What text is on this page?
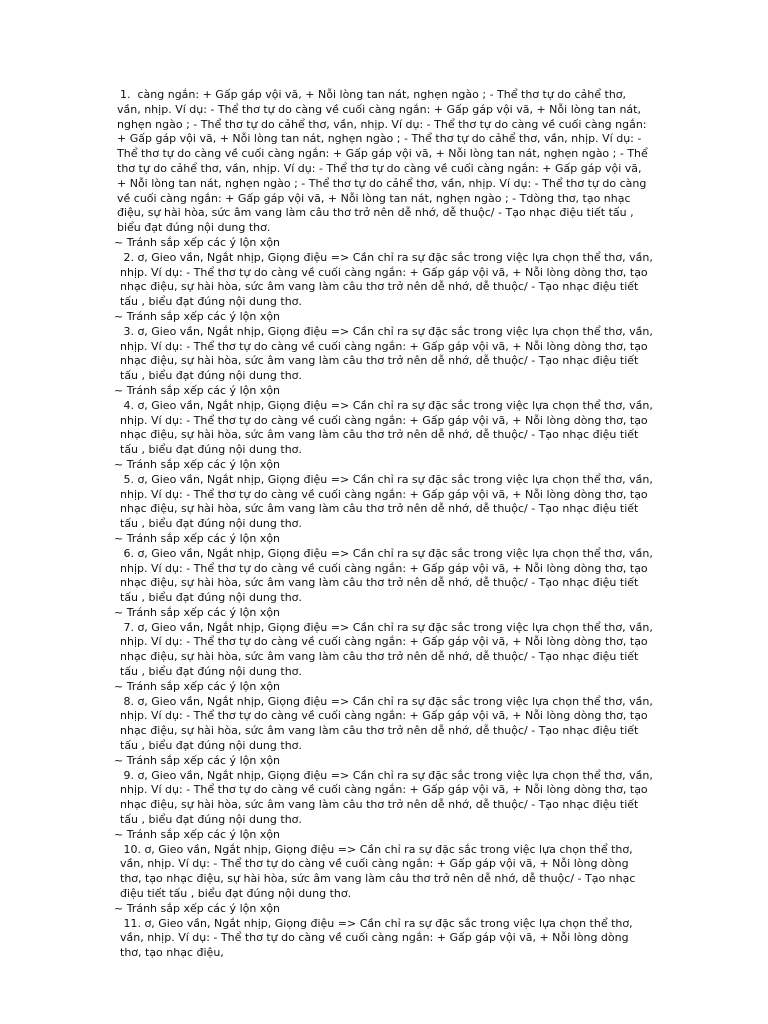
1.  càng ngắn: + Gấp gáp vội vã, + Nỗi lòng tan nát, nghẹn ngào ; - Thể thơ tự do cảhể thơ, vần, nhịp. Ví dụ: - Thể thơ tự do càng về cuối càng ngắn: + Gấp gáp vội vã, + Nỗi lòng tan nát, nghẹn ngào ; - Thể thơ tự do cảhể thơ, vần, nhịp. Ví dụ: - Thể thơ tự do càng về cuối càng ngắn: + Gấp gáp vội vã, + Nỗi lòng tan nát, nghẹn ngào ; - Thể thơ tự do cảhể thơ, vần, nhịp. Ví dụ: - Thể thơ tự do càng về cuối càng ngắn: + Gấp gáp vội vã, + Nỗi lòng tan nát, nghẹn ngào ; - Thể thơ tự do cảhể thơ, vần, nhịp. Ví dụ: - Thể thơ tự do càng về cuối càng ngắn: + Gấp gáp vội vã, + Nỗi lòng tan nát, nghẹn ngào ; - Thể thơ tự do cảhể thơ, vần, nhịp. Ví dụ: - Thể thơ tự do càng về cuối càng ngắn: + Gấp gáp vội vã, + Nỗi lòng tan nát, nghẹn ngào ; - Tdòng thơ, tạo nhạc điệu, sự hài hòa, sức âm vang làm câu thơ trở nên dễ nhớ, dễ thuộc/ - Tạo nhạc điệu tiết tấu , biểu đạt đúng nội dung thơ.
~ Tránh sắp xếp các ý lộn xộn
2. ơ, Gieo vần, Ngắt nhịp, Giọng điệu => Cần chỉ ra sự đặc sắc trong việc lựa chọn thể thơ, vần, nhịp. Ví dụ: - Thể thơ tự do càng về cuối càng ngắn: + Gấp gáp vội vã, + Nỗi lòng dòng thơ, tạo nhạc điệu, sự hài hòa, sức âm vang làm câu thơ trở nên dễ nhớ, dễ thuộc/ - Tạo nhạc điệu tiết tấu , biểu đạt đúng nội dung thơ.
~ Tránh sắp xếp các ý lộn xộn
3. ơ, Gieo vần, Ngắt nhịp, Giọng điệu => Cần chỉ ra sự đặc sắc trong việc lựa chọn thể thơ, vần, nhịp. Ví dụ: - Thể thơ tự do càng về cuối càng ngắn: + Gấp gáp vội vã, + Nỗi lòng dòng thơ, tạo nhạc điệu, sự hài hòa, sức âm vang làm câu thơ trở nên dễ nhớ, dễ thuộc/ - Tạo nhạc điệu tiết tấu , biểu đạt đúng nội dung thơ.
~ Tránh sắp xếp các ý lộn xộn
4. ơ, Gieo vần, Ngắt nhịp, Giọng điệu => Cần chỉ ra sự đặc sắc trong việc lựa chọn thể thơ, vần, nhịp. Ví dụ: - Thể thơ tự do càng về cuối càng ngắn: + Gấp gáp vội vã, + Nỗi lòng dòng thơ, tạo nhạc điệu, sự hài hòa, sức âm vang làm câu thơ trở nên dễ nhớ, dễ thuộc/ - Tạo nhạc điệu tiết tấu , biểu đạt đúng nội dung thơ.
~ Tránh sắp xếp các ý lộn xộn
5. ơ, Gieo vần, Ngắt nhịp, Giọng điệu => Cần chỉ ra sự đặc sắc trong việc lựa chọn thể thơ, vần, nhịp. Ví dụ: - Thể thơ tự do càng về cuối càng ngắn: + Gấp gáp vội vã, + Nỗi lòng dòng thơ, tạo nhạc điệu, sự hài hòa, sức âm vang làm câu thơ trở nên dễ nhớ, dễ thuộc/ - Tạo nhạc điệu tiết tấu , biểu đạt đúng nội dung thơ.
~ Tránh sắp xếp các ý lộn xộn
6. ơ, Gieo vần, Ngắt nhịp, Giọng điệu => Cần chỉ ra sự đặc sắc trong việc lựa chọn thể thơ, vần, nhịp. Ví dụ: - Thể thơ tự do càng về cuối càng ngắn: + Gấp gáp vội vã, + Nỗi lòng dòng thơ, tạo nhạc điệu, sự hài hòa, sức âm vang làm câu thơ trở nên dễ nhớ, dễ thuộc/ - Tạo nhạc điệu tiết tấu , biểu đạt đúng nội dung thơ.
~ Tránh sắp xếp các ý lộn xộn
7. ơ, Gieo vần, Ngắt nhịp, Giọng điệu => Cần chỉ ra sự đặc sắc trong việc lựa chọn thể thơ, vần, nhịp. Ví dụ: - Thể thơ tự do càng về cuối càng ngắn: + Gấp gáp vội vã, + Nỗi lòng dòng thơ, tạo nhạc điệu, sự hài hòa, sức âm vang làm câu thơ trở nên dễ nhớ, dễ thuộc/ - Tạo nhạc điệu tiết tấu , biểu đạt đúng nội dung thơ.
~ Tránh sắp xếp các ý lộn xộn
8. ơ, Gieo vần, Ngắt nhịp, Giọng điệu => Cần chỉ ra sự đặc sắc trong việc lựa chọn thể thơ, vần, nhịp. Ví dụ: - Thể thơ tự do càng về cuối càng ngắn: + Gấp gáp vội vã, + Nỗi lòng dòng thơ, tạo nhạc điệu, sự hài hòa, sức âm vang làm câu thơ trở nên dễ nhớ, dễ thuộc/ - Tạo nhạc điệu tiết tấu , biểu đạt đúng nội dung thơ.
~ Tránh sắp xếp các ý lộn xộn
9. ơ, Gieo vần, Ngắt nhịp, Giọng điệu => Cần chỉ ra sự đặc sắc trong việc lựa chọn thể thơ, vần, nhịp. Ví dụ: - Thể thơ tự do càng về cuối càng ngắn: + Gấp gáp vội vã, + Nỗi lòng dòng thơ, tạo nhạc điệu, sự hài hòa, sức âm vang làm câu thơ trở nên dễ nhớ, dễ thuộc/ - Tạo nhạc điệu tiết tấu , biểu đạt đúng nội dung thơ.
~ Tránh sắp xếp các ý lộn xộn
10. ơ, Gieo vần, Ngắt nhịp, Giọng điệu => Cần chỉ ra sự đặc sắc trong việc lựa chọn thể thơ, vần, nhịp. Ví dụ: - Thể thơ tự do càng về cuối càng ngắn: + Gấp gáp vội vã, + Nỗi lòng dòng thơ, tạo nhạc điệu, sự hài hòa, sức âm vang làm câu thơ trở nên dễ nhớ, dễ thuộc/ - Tạo nhạc điệu tiết tấu , biểu đạt đúng nội dung thơ.
~ Tránh sắp xếp các ý lộn xộn
11. ơ, Gieo vần, Ngắt nhịp, Giọng điệu => Cần chỉ ra sự đặc sắc trong việc lựa chọn thể thơ, vần, nhịp. Ví dụ: - Thể thơ tự do càng về cuối càng ngắn: + Gấp gáp vội vã, + Nỗi lòng dòng thơ, tạo nhạc điệu,
